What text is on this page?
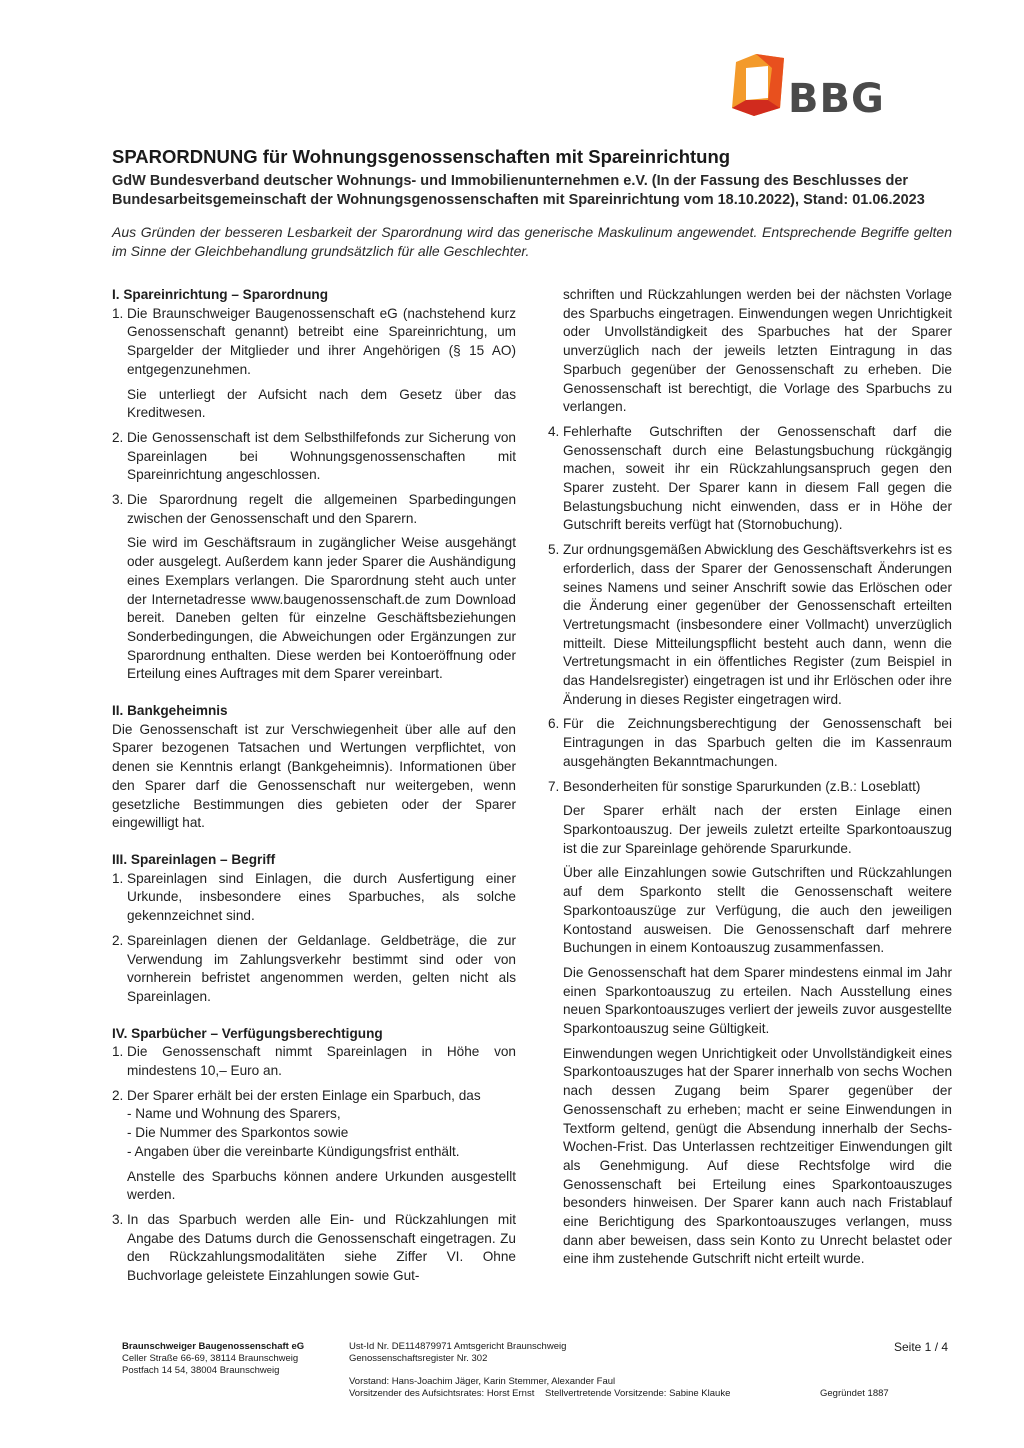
BBG
SPARORDNUNG für Wohnungsgenossenschaften mit Spareinrichtung
GdW Bundesverband deutscher Wohnungs- und Immobilienunternehmen e.V. (In der Fassung des Beschlusses der
Bundesarbeitsgemeinschaft der Wohnungsgenossenschaften mit Spareinrichtung vom 18.10.2022), Stand: 01.06.2023
Aus Gründen der besseren Lesbarkeit der Sparordnung wird das generische Maskulinum angewendet. Entsprechende Begriffe gelten im Sinne der Gleichbehandlung grundsätzlich für alle Geschlechter.

I. Spareinrichtung – Sparordnung

1. Die Braunschweiger Baugenossenschaft eG (nachstehend kurz Genossenschaft genannt) betreibt eine Spareinrichtung, um Spargelder der Mitglieder und ihrer Angehörigen (§ 15 AO) entgegenzunehmen.
Sie unterliegt der Aufsicht nach dem Gesetz über das Kreditwesen.
2. Die Genossenschaft ist dem Selbsthilfefonds zur Sicherung von Spareinlagen bei Wohnungsgenossenschaften mit Spareinrichtung angeschlossen.
3. Die Sparordnung regelt die allgemeinen Sparbedingungen zwischen der Genossenschaft und den Sparern.
Sie wird im Geschäftsraum in zugänglicher Weise ausgehängt oder ausgelegt. Außerdem kann jeder Sparer die Aushändigung eines Exemplars verlangen. Die Sparordnung steht auch unter der Internetadresse www.baugenossenschaft.de zum Download bereit. Daneben gelten für einzelne Geschäftsbeziehungen Sonderbedingungen, die Abweichungen oder Ergänzungen zur Sparordnung enthalten. Diese werden bei Kontoeröffnung oder Erteilung eines Auftrages mit dem Sparer vereinbart.

II. Bankgeheimnis

Die Genossenschaft ist zur Verschwiegenheit über alle auf den Sparer bezogenen Tatsachen und Wertungen verpflichtet, von denen sie Kenntnis erlangt (Bankgeheimnis). Informationen über den Sparer darf die Genossenschaft nur weitergeben, wenn gesetzliche Bestimmungen dies gebieten oder der Sparer eingewilligt hat.

III. Spareinlagen – Begriff

1. Spareinlagen sind Einlagen, die durch Ausfertigung einer Urkunde, insbesondere eines Sparbuches, als solche gekennzeichnet sind.
2. Spareinlagen dienen der Geldanlage. Geldbeträge, die zur Verwendung im Zahlungsverkehr bestimmt sind oder von vornherein befristet angenommen werden, gelten nicht als Spareinlagen.

IV. Sparbücher – Verfügungsberechtigung

1. Die Genossenschaft nimmt Spareinlagen in Höhe von mindestens 10,– Euro an.
2. Der Sparer erhält bei der ersten Einlage ein Sparbuch, das
- Name und Wohnung des Sparers,
- Die Nummer des Sparkontos sowie
- Angaben über die vereinbarte Kündigungsfrist enthält.
Anstelle des Sparbuchs können andere Urkunden ausgestellt werden.
3. In das Sparbuch werden alle Ein- und Rückzahlungen mit Angabe des Datums durch die Genossenschaft eingetragen. Zu den Rückzahlungsmodalitäten siehe Ziffer VI. Ohne Buchvorlage geleistete Einzahlungen sowie Gut-
schriften und Rückzahlungen werden bei der nächsten Vorlage des Sparbuchs eingetragen. Einwendungen wegen Unrichtigkeit oder Unvollständigkeit des Sparbuches hat der Sparer unverzüglich nach der jeweils letzten Eintragung in das Sparbuch gegenüber der Genossenschaft zu erheben. Die Genossenschaft ist berechtigt, die Vorlage des Sparbuchs zu verlangen.
4. Fehlerhafte Gutschriften der Genossenschaft darf die Genossenschaft durch eine Belastungsbuchung rückgängig machen, soweit ihr ein Rückzahlungsanspruch gegen den Sparer zusteht. Der Sparer kann in diesem Fall gegen die Belastungsbuchung nicht einwenden, dass er in Höhe der Gutschrift bereits verfügt hat (Stornobuchung).
5. Zur ordnungsgemäßen Abwicklung des Geschäftsverkehrs ist es erforderlich, dass der Sparer der Genossenschaft Änderungen seines Namens und seiner Anschrift sowie das Erlöschen oder die Änderung einer gegenüber der Genossenschaft erteilten Vertretungsmacht (insbesondere einer Vollmacht) unverzüglich mitteilt. Diese Mitteilungspflicht besteht auch dann, wenn die Vertretungsmacht in ein öffentliches Register (zum Beispiel in das Handelsregister) eingetragen ist und ihr Erlöschen oder ihre Änderung in dieses Register eingetragen wird.
6. Für die Zeichnungsberechtigung der Genossenschaft bei Eintragungen in das Sparbuch gelten die im Kassenraum ausgehängten Bekanntmachungen.
7. Besonderheiten für sonstige Sparurkunden (z.B.: Loseblatt)
Der Sparer erhält nach der ersten Einlage einen Sparkontoauszug. Der jeweils zuletzt erteilte Sparkontoauszug ist die zur Spareinlage gehörende Sparurkunde.
Über alle Einzahlungen sowie Gutschriften und Rückzahlungen auf dem Sparkonto stellt die Genossenschaft weitere Sparkontoauszüge zur Verfügung, die auch den jeweiligen Kontostand ausweisen. Die Genossenschaft darf mehrere Buchungen in einem Kontoauszug zusammenfassen.
Die Genossenschaft hat dem Sparer mindestens einmal im Jahr einen Sparkontoauszug zu erteilen. Nach Ausstellung eines neuen Sparkontoauszuges verliert der jeweils zuvor ausgestellte Sparkontoauszug seine Gültigkeit.
Einwendungen wegen Unrichtigkeit oder Unvollständigkeit eines Sparkontoauszuges hat der Sparer innerhalb von sechs Wochen nach dessen Zugang beim Sparer gegenüber der Genossenschaft zu erheben; macht er seine Einwendungen in Textform geltend, genügt die Absendung innerhalb der Sechs-Wochen-Frist. Das Unterlassen rechtzeitiger Einwendungen gilt als Genehmigung. Auf diese Rechtsfolge wird die Genossenschaft bei Erteilung eines Sparkontoauszuges besonders hinweisen. Der Sparer kann auch nach Fristablauf eine Berichtigung des Sparkontoauszuges verlangen, muss dann aber beweisen, dass sein Konto zu Unrecht belastet oder eine ihm zustehende Gutschrift nicht erteilt wurde.
Braunschweiger Baugenossenschaft eG
Celler Straße 66-69, 38114 Braunschweig
Postfach 14 54, 38004 Braunschweig
Ust-Id Nr. DE114879971 Amtsgericht Braunschweig
Genossenschaftsregister Nr. 302
Seite 1 / 4
Vorstand: Hans-Joachim Jäger, Karin Stemmer, Alexander Faul
Vorsitzender des Aufsichtsrates: Horst Ernst Stellvertretende Vorsitzende: Sabine Klauke	Gegründet 1887
